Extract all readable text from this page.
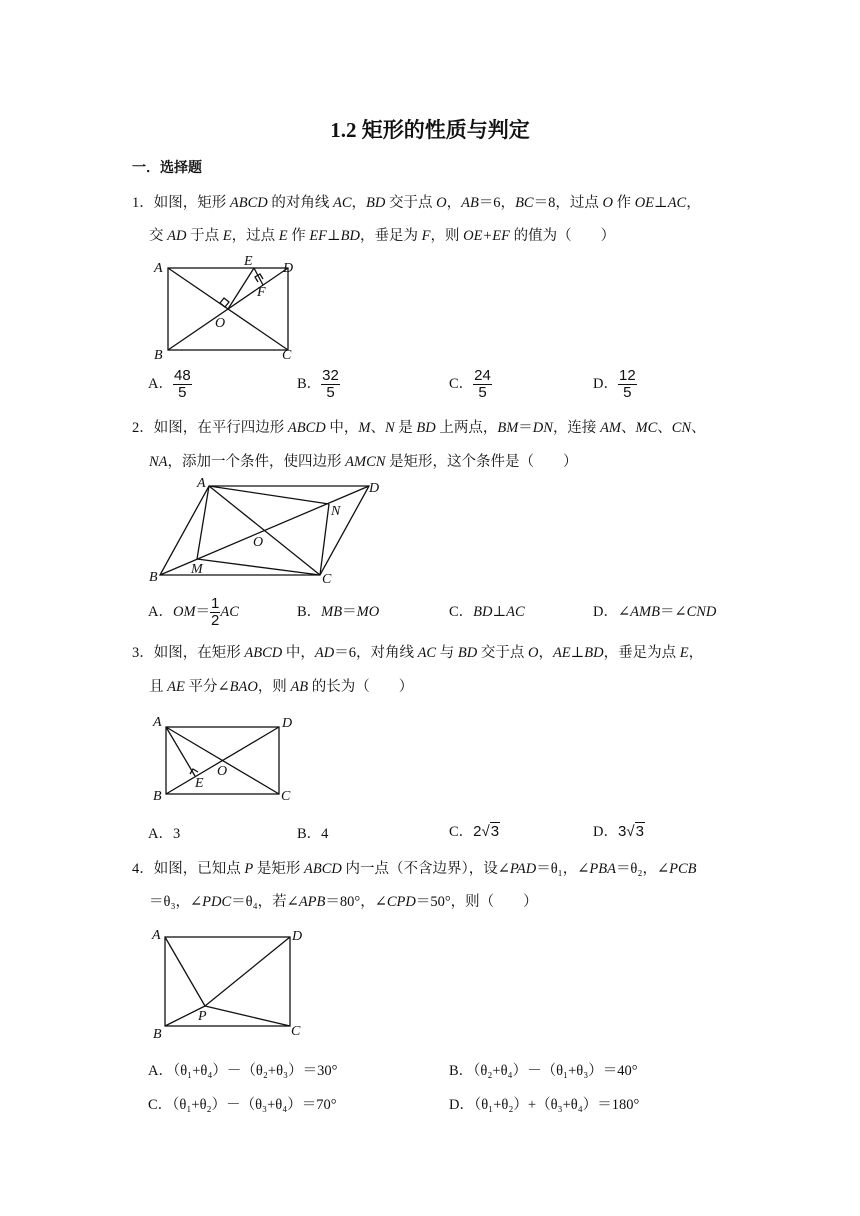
1.2 矩形的性质与判定
一．选择题
1．如图，矩形 ABCD 的对角线 AC，BD 交于点 O，AB＝6，BC＝8，过点 O 作 OE⊥AC，
交 AD 于点 E，过点 E 作 EF⊥BD，垂足为 F，则 OE+EF 的值为（　　）
A
B	C
D
E
F
O
A． $\frac{48}{5}$	B． $\frac{32}{5}$	C． $\frac{24}{5}$	D． $\frac{12}{5}$
2．如图，在平行四边形 ABCD 中，M、N 是 BD 上两点，BM＝DN，连接 AM、MC、CN、
NA，添加一个条件，使四边形 AMCN 是矩形，这个条件是（　　）
A
B	C
D
M
N
O
A．$OM= \frac{1}{2}$ AC	B．MB＝MO	C．BD⊥AC	D．∠AMB＝∠CND
3．如图，在矩形 ABCD 中，AD＝6，对角线 AC 与 BD 交于点 O，AE⊥BD，垂足为点 E，
且 AE 平分∠BAO，则 AB 的长为（　　）
A
B	C
D
E
O
A．3	B．4	C．2√3	D．3√3
4．如图，已知点 P 是矩形 ABCD 内一点（不含边界），设∠PAD＝θ₁，∠PBA＝θ₂，∠PCB
＝θ₃，∠PDC＝θ₄，若∠APB＝80°，∠CPD＝50°，则（　　）
A
B	C
D
P
A．（θ₁+θ₄）－（θ₂+θ₃）＝30°	B．（θ₂+θ₄）－（θ₁+θ₃）＝40°
C．（θ₁+θ₂）－（θ₃+θ₄）＝70°	D．（θ₁+θ₂）+（θ₃+θ₄）＝180°
